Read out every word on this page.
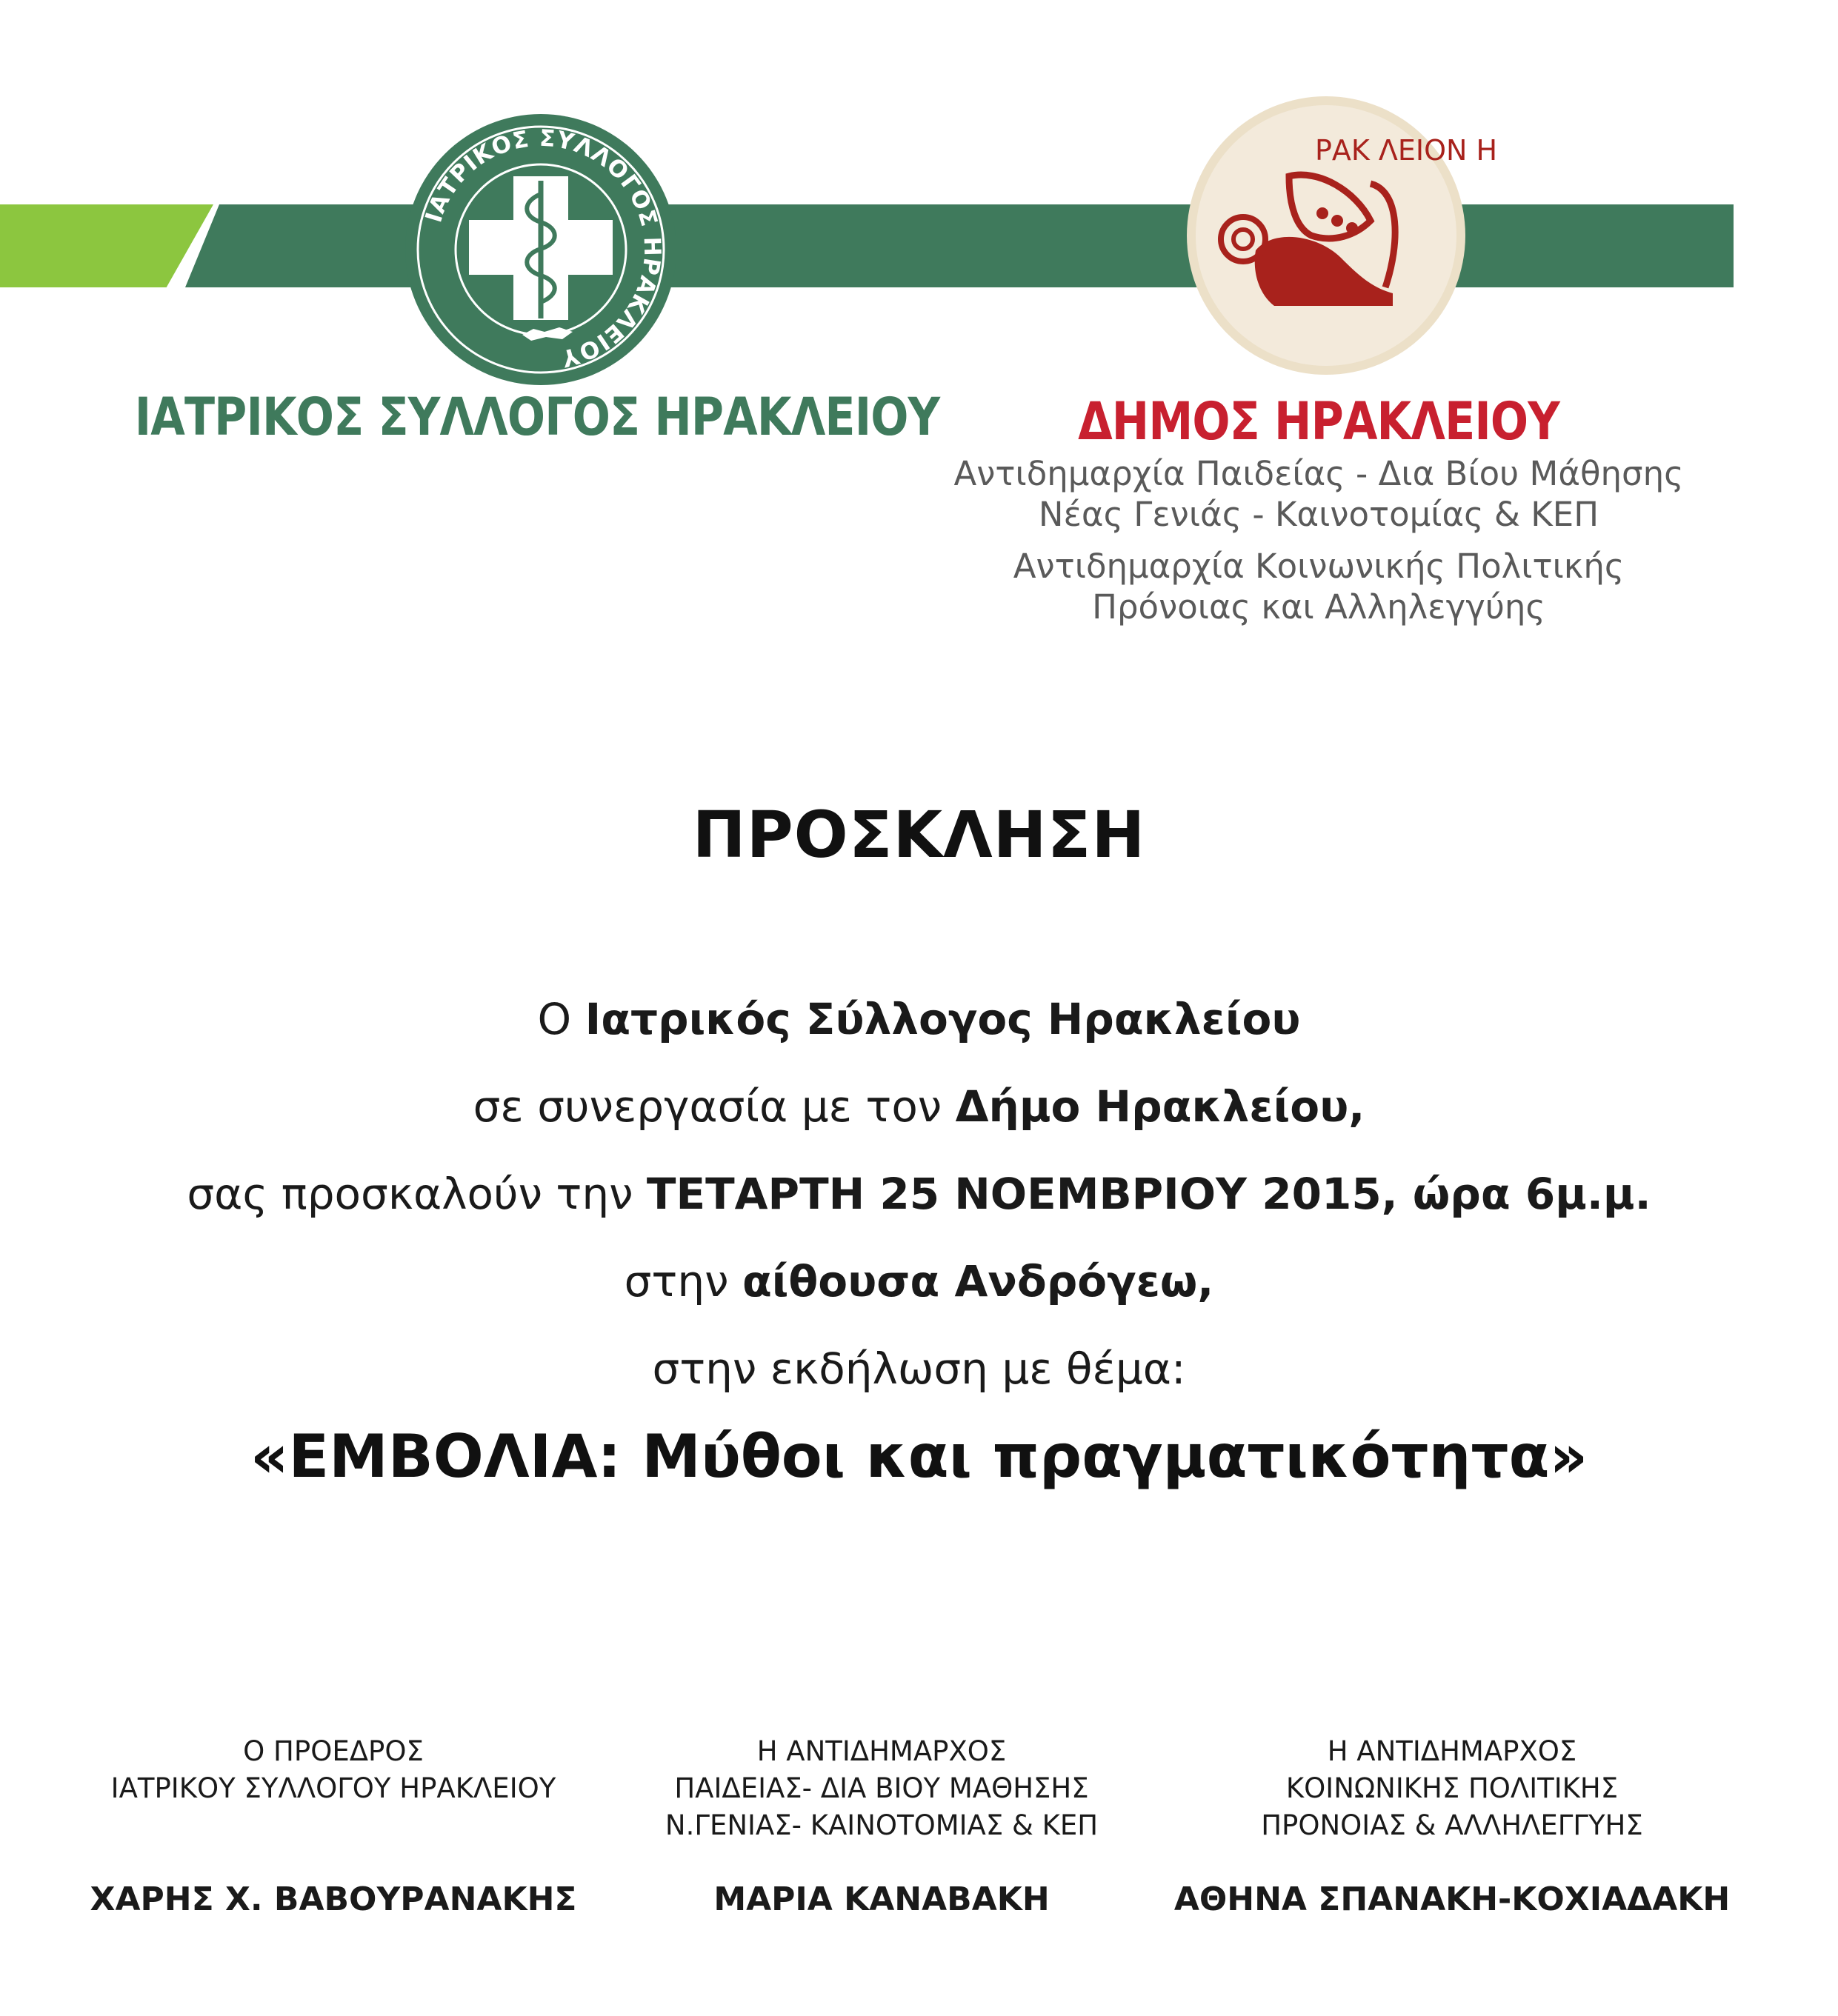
ΙΑΤΡΙΚΟΣ ΣΥΛΛΟΓΟΣ ΗΡΑΚΛΕΙΟΥ
ΡΑΚ ΛΕΙΟΝ Η
ΙΑΤΡΙΚΟΣ ΣΥΛΛΟΓΟΣ ΗΡΑΚΛΕΙΟΥ	ΔΗΜΟΣ ΗΡΑΚΛΕΙΟΥ
Αντιδημαρχία Παιδείας - Δια Βίου Μάθησης
Νέας Γενιάς - Καινοτομίας & ΚΕΠ
Αντιδημαρχία Κοινωνικής Πολιτικής
Πρόνοιας και Αλληλεγγύης
ΠΡΟΣΚΛΗΣΗ
Ο Ιατρικός Σύλλογος Ηρακλείου
σε συνεργασία με τον Δήμο Ηρακλείου,
σας προσκαλούν την ΤΕΤΑΡΤΗ 25 ΝΟΕΜΒΡΙΟΥ 2015, ώρα 6μ.μ.
στην αίθουσα Ανδρόγεω,
στην εκδήλωση με θέμα:
«ΕΜΒΟΛΙΑ: Μύθοι και πραγματικότητα»
Ο ΠΡΟΕΔΡΟΣ
ΙΑΤΡΙΚΟΥ ΣΥΛΛΟΓΟΥ ΗΡΑΚΛΕΙΟΥ
Η ΑΝΤΙΔΗΜΑΡΧΟΣ
ΠΑΙΔΕΙΑΣ- ΔΙΑ ΒΙΟΥ ΜΑΘΗΣΗΣ
Ν.ΓΕΝΙΑΣ- ΚΑΙΝΟΤΟΜΙΑΣ & ΚΕΠ
Η ΑΝΤΙΔΗΜΑΡΧΟΣ
ΚΟΙΝΩΝΙΚΗΣ ΠΟΛΙΤΙΚΗΣ
ΠΡΟΝΟΙΑΣ & ΑΛΛΗΛΕΓΓΥΗΣ
ΧΑΡΗΣ Χ. ΒΑΒΟΥΡΑΝΑΚΗΣ	ΜΑΡΙΑ ΚΑΝΑΒΑΚΗ	ΑΘΗΝΑ ΣΠΑΝΑΚΗ-ΚΟΧΙΑΔΑΚΗ
